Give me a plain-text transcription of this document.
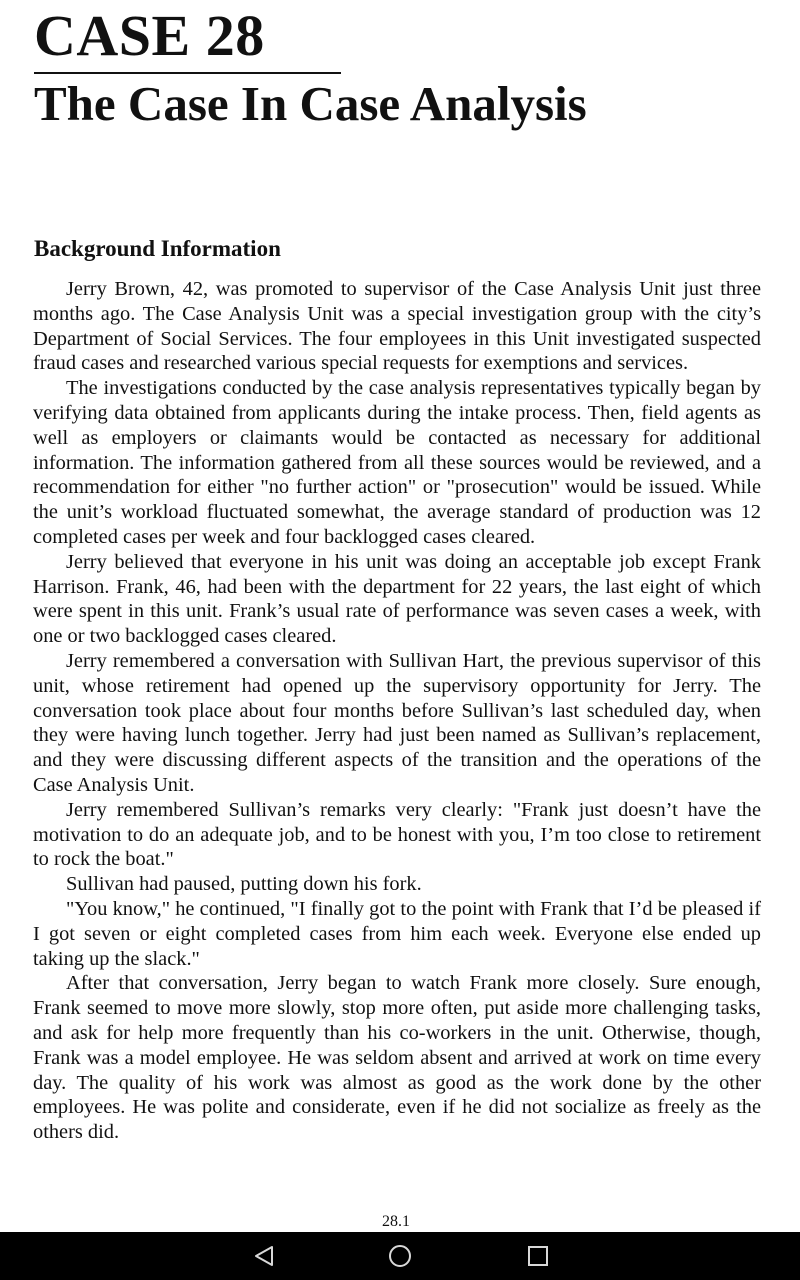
CASE 28
The Case In Case Analysis
Background Information

Jerry Brown, 42, was promoted to supervisor of the Case Analysis Unit just three months ago. The Case Analysis Unit was a special investigation group with the city’s Department of Social Services. The four employees in this Unit investigated suspected fraud cases and researched various special requests for exemptions and services.

The investigations conducted by the case analysis representatives typically began by verifying data obtained from applicants during the intake process. Then, field agents as well as employers or claimants would be contacted as necessary for additional information. The information gathered from all these sources would be reviewed, and a recommendation for either "no further action" or "prosecution" would be issued. While the unit’s workload fluctuated somewhat, the average standard of production was 12 completed cases per week and four backlogged cases cleared.

Jerry believed that everyone in his unit was doing an acceptable job except Frank Harrison. Frank, 46, had been with the department for 22 years, the last eight of which were spent in this unit. Frank’s usual rate of performance was seven cases a week, with one or two backlogged cases cleared.

Jerry remembered a conversation with Sullivan Hart, the previous supervisor of this unit, whose retirement had opened up the supervisory opportunity for Jerry. The conversation took place about four months before Sullivan’s last scheduled day, when they were having lunch together. Jerry had just been named as Sullivan’s replacement, and they were discussing different aspects of the transition and the operations of the Case Analysis Unit.

Jerry remembered Sullivan’s remarks very clearly: "Frank just doesn’t have the motivation to do an adequate job, and to be honest with you, I’m too close to retirement to rock the boat."

Sullivan had paused, putting down his fork.

"You know," he continued, "I finally got to the point with Frank that I’d be pleased if I got seven or eight completed cases from him each week. Everyone else ended up taking up the slack."

After that conversation, Jerry began to watch Frank more closely. Sure enough, Frank seemed to move more slowly, stop more often, put aside more challenging tasks, and ask for help more frequently than his co-workers in the unit. Otherwise, though, Frank was a model employee. He was seldom absent and arrived at work on time every day. The quality of his work was almost as good as the work done by the other employees. He was polite and considerate, even if he did not socialize as freely as the others did.

28.1
